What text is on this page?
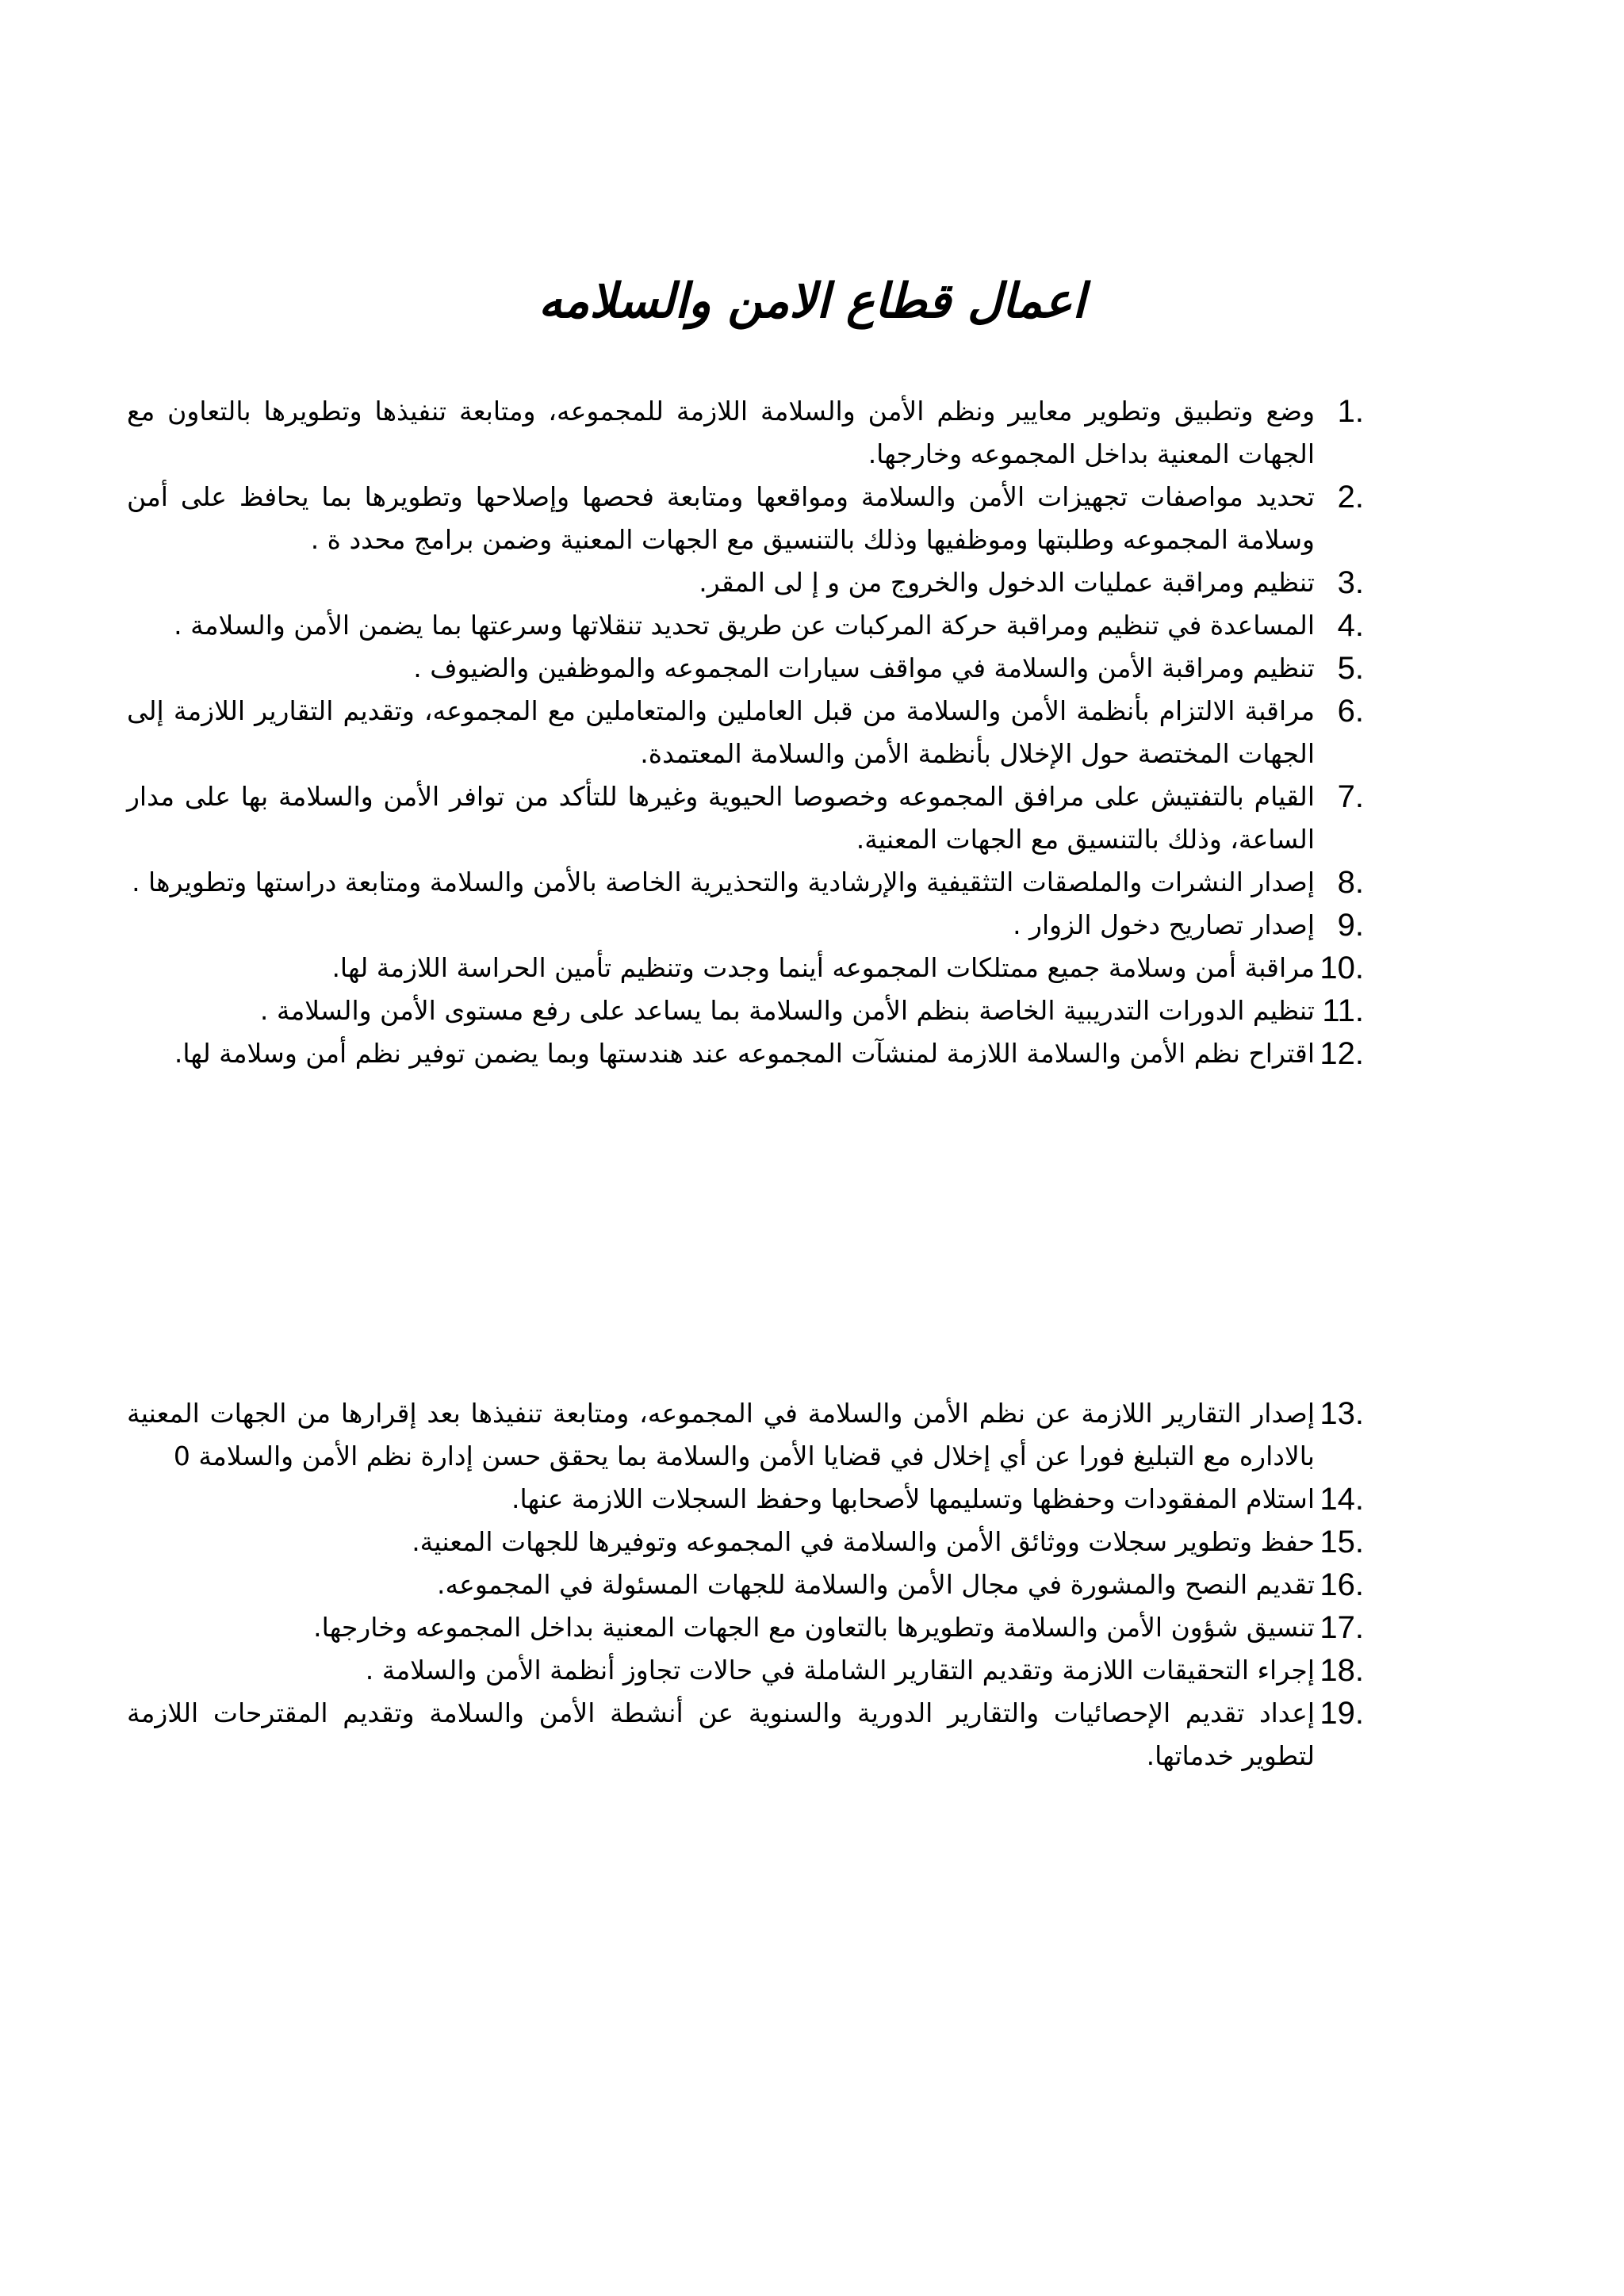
اعمال قطاع الامن والسلامه
1.
وضع وتطبيق وتطوير معايير ونظم الأمن والسلامة اللازمة للمجموعه، ومتابعة تنفيذها وتطويرها بالتعاون مع الجهات المعنية بداخل المجموعه وخارجها.
2.
تحديد مواصفات تجهيزات الأمن والسلامة ومواقعها ومتابعة فحصها وإصلاحها وتطويرها بما يحافظ على أمن وسلامة المجموعه وطلبتها وموظفيها وذلك بالتنسيق مع الجهات المعنية وضمن برامج محدد ة .
3.
تنظيم ومراقبة عمليات الدخول والخروج من و إ لى المقر.
4.
المساعدة في تنظيم ومراقبة حركة المركبات عن طريق تحديد تنقلاتها وسرعتها بما يضمن الأمن والسلامة .
5.
تنظيم ومراقبة الأمن والسلامة في مواقف سيارات المجموعه والموظفين والضيوف .
6.
مراقبة الالتزام بأنظمة الأمن والسلامة من قبل العاملين والمتعاملين مع المجموعه، وتقديم التقارير اللازمة إلى الجهات المختصة حول الإخلال بأنظمة الأمن والسلامة المعتمدة.
7.
القيام بالتفتيش على مرافق المجموعه وخصوصا الحيوية وغيرها للتأكد من توافر الأمن والسلامة بها على مدار الساعة، وذلك بالتنسيق مع الجهات المعنية.
8.
إصدار النشرات والملصقات التثقيفية والإرشادية والتحذيرية الخاصة بالأمن والسلامة ومتابعة دراستها وتطويرها .
9.
إصدار تصاريح دخول الزوار .
10.
مراقبة أمن وسلامة جميع ممتلكات المجموعه أينما وجدت وتنظيم تأمين الحراسة اللازمة لها.
11.
تنظيم الدورات التدريبية الخاصة بنظم الأمن والسلامة بما يساعد على رفع مستوى الأمن والسلامة .
12.
اقتراح نظم الأمن والسلامة اللازمة لمنشآت المجموعه عند هندستها وبما يضمن توفير نظم أمن وسلامة لها.
13.
إصدار التقارير اللازمة عن نظم الأمن والسلامة في المجموعه، ومتابعة تنفيذها بعد إقرارها من الجهات المعنية بالاداره مع التبليغ فورا عن أي إخلال في قضايا الأمن والسلامة بما يحقق حسن إدارة نظم الأمن والسلامة 0
14.
استلام المفقودات وحفظها وتسليمها لأصحابها وحفظ السجلات اللازمة عنها.
15.
حفظ وتطوير سجلات ووثائق الأمن والسلامة في المجموعه وتوفيرها للجهات المعنية.
16.
تقديم النصح والمشورة في مجال الأمن والسلامة للجهات المسئولة في المجموعه.
17.
تنسيق شؤون الأمن والسلامة وتطويرها بالتعاون مع الجهات المعنية بداخل المجموعه وخارجها.
18.
إجراء التحقيقات اللازمة وتقديم التقارير الشاملة في حالات تجاوز أنظمة الأمن والسلامة .
19.
إعداد تقديم الإحصائيات والتقارير الدورية والسنوية عن أنشطة الأمن والسلامة وتقديم المقترحات اللازمة لتطوير خدماتها.
